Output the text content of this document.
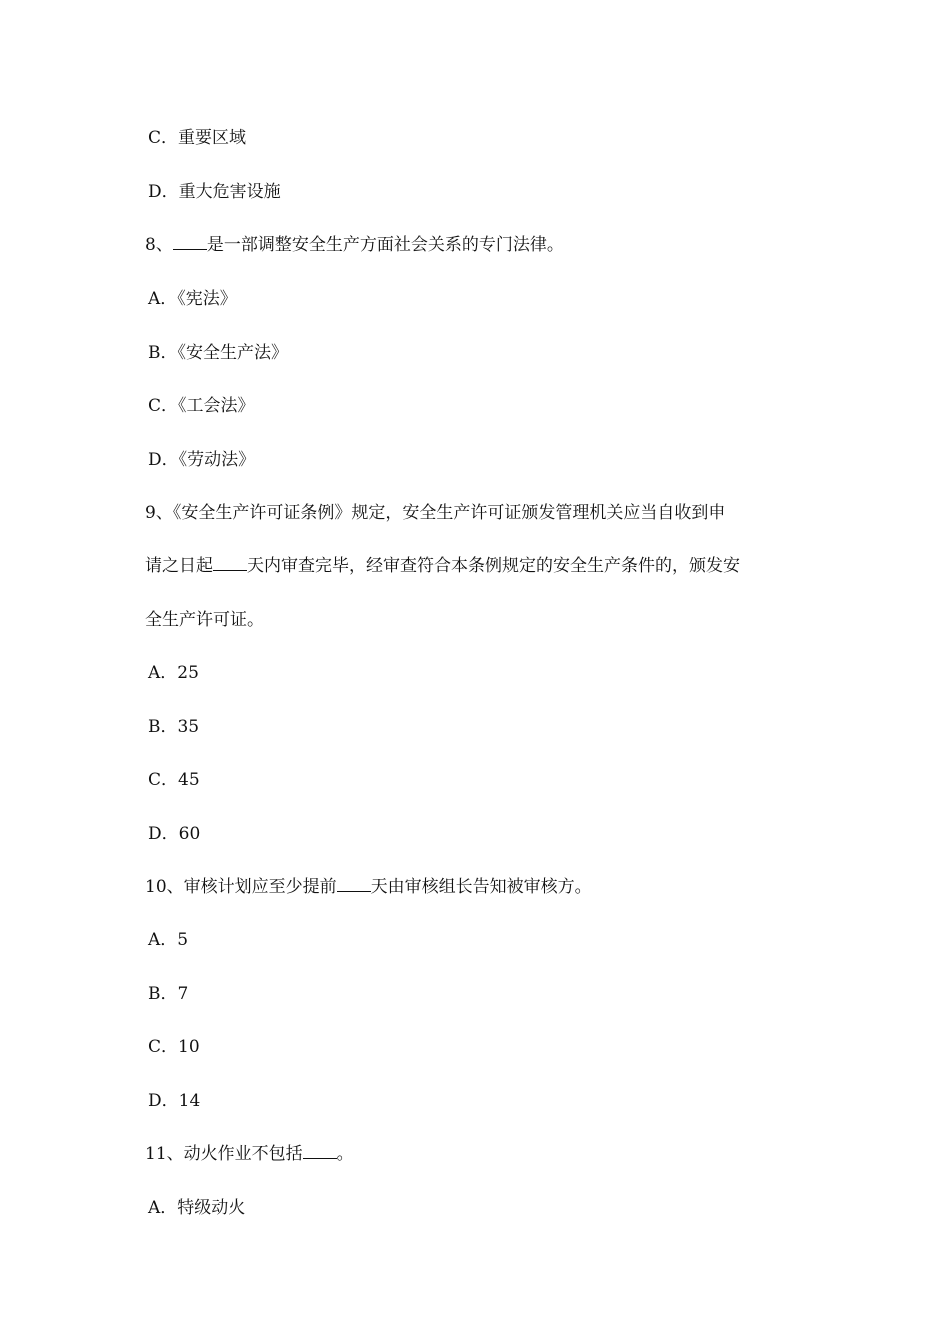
C．重要区域
D．重大危害设施
8、 是一部调整安全生产方面社会关系的专门法律。
A．《宪法》
B．《安全生产法》
C．《工会法》
D．《劳动法》
9、《安全生产许可证条例》规定，安全生产许可证颁发管理机关应当自收到申
请之日起 天内审查完毕，经审查符合本条例规定的安全生产条件的，颁发安
全生产许可证。
A．25
B．35
C．45
D．60
10、审核计划应至少提前 天由审核组长告知被审核方。
A．5
B．7
C．10
D．14
11、动火作业不包括 。
A．特级动火
